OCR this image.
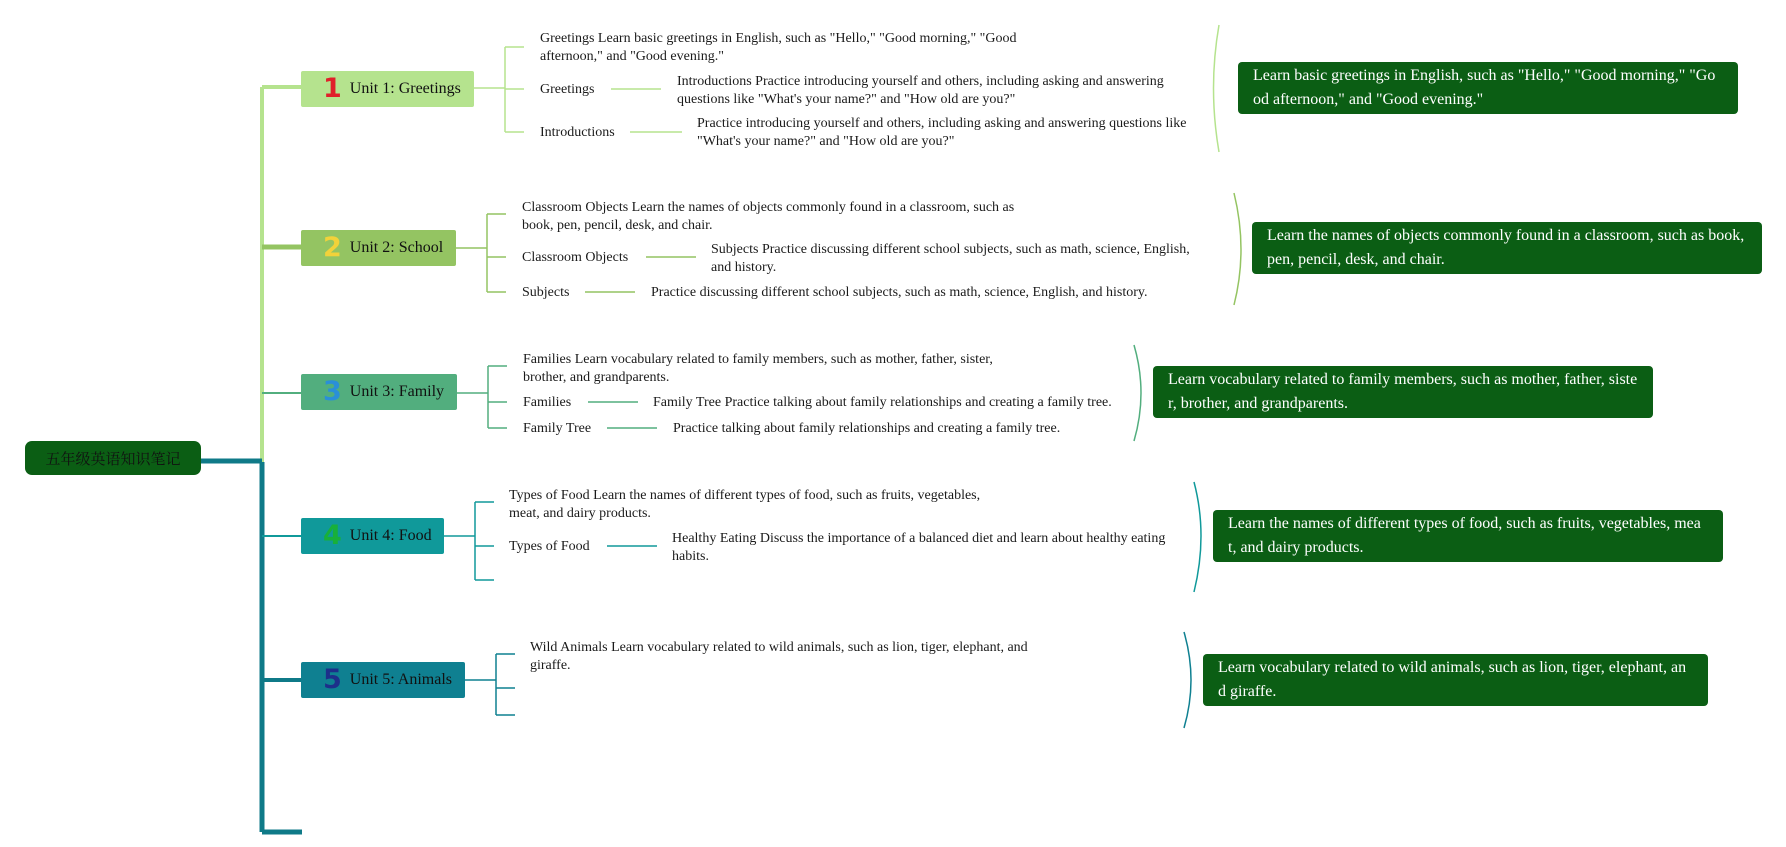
五年级英语知识笔记
1 Unit 1: Greetings
Greetings Learn basic greetings in English, such as "Hello," "Good morning," "Good afternoon," and "Good evening."
Greetings
Introductions Practice introducing yourself and others, including asking and answering questions like "What's your name?" and "How old are you?"
Introductions
Practice introducing yourself and others, including asking and answering questions like "What's your name?" and "How old are you?"
Learn basic greetings in English, such as "Hello," "Good morning," "Good afternoon," and "Good evening."
2 Unit 2: School
Classroom Objects Learn the names of objects commonly found in a classroom, such as book, pen, pencil, desk, and chair.
Classroom Objects
Subjects Practice discussing different school subjects, such as math, science, English, and history.
Subjects	Practice discussing different school subjects, such as math, science, English, and history.
Learn the names of objects commonly found in a classroom, such as book, pen, pencil, desk, and chair.
3 Unit 3: Family
Families Learn vocabulary related to family members, such as mother, father, sister, brother, and grandparents.
Families	Family Tree Practice talking about family relationships and creating a family tree.
Family Tree	Practice talking about family relationships and creating a family tree.
Learn vocabulary related to family members, such as mother, father, sister, brother, and grandparents.
4 Unit 4: Food
Types of Food Learn the names of different types of food, such as fruits, vegetables, meat, and dairy products.
Types of Food
Healthy Eating Discuss the importance of a balanced diet and learn about healthy eating habits.
Learn the names of different types of food, such as fruits, vegetables, meat, and dairy products.
5 Unit 5: Animals
Wild Animals Learn vocabulary related to wild animals, such as lion, tiger, elephant, and giraffe.	Learn vocabulary related to wild animals, such as lion, tiger, elephant, and giraffe.
